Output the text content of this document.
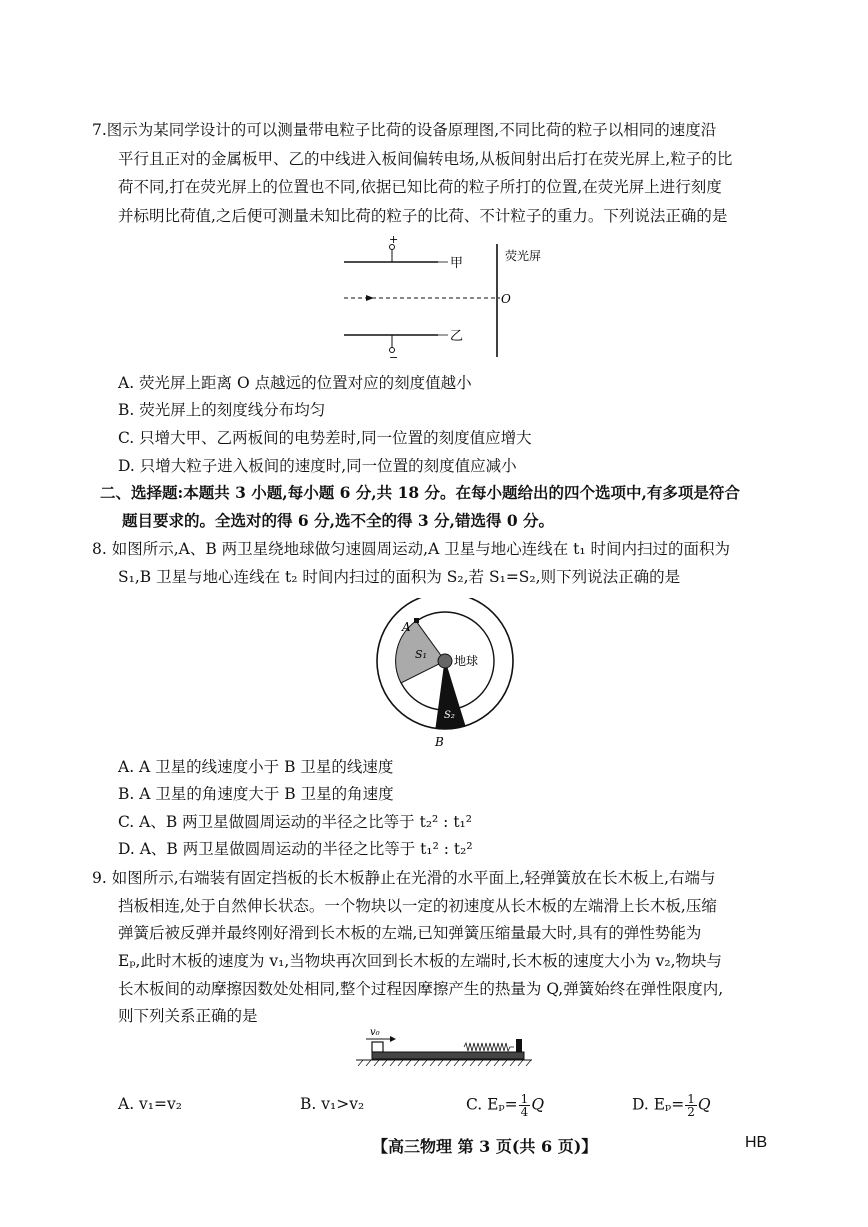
7.图示为某同学设计的可以测量带电粒子比荷的设备原理图,不同比荷的粒子以相同的速度沿
平行且正对的金属板甲、乙的中线进入板间偏转电场,从板间射出后打在荧光屏上,粒子的比
荷不同,打在荧光屏上的位置也不同,依据已知比荷的粒子所打的位置,在荧光屏上进行刻度
并标明比荷值,之后便可测量未知比荷的粒子的比荷、不计粒子的重力。下列说法正确的是
+
甲
乙
−
荧光屏
O
A. 荧光屏上距离 O 点越远的位置对应的刻度值越小
B. 荧光屏上的刻度线分布均匀
C. 只增大甲、乙两板间的电势差时,同一位置的刻度值应增大
D. 只增大粒子进入板间的速度时,同一位置的刻度值应减小
二、选择题:本题共 3 小题,每小题 6 分,共 18 分。在每小题给出的四个选项中,有多项是符合
题目要求的。全选对的得 6 分,选不全的得 3 分,错选得 0 分。
8. 如图所示,A、B 两卫星绕地球做匀速圆周运动,A 卫星与地心连线在 t₁ 时间内扫过的面积为
S₁,B 卫星与地心连线在 t₂ 时间内扫过的面积为 S₂,若 S₁=S₂,则下列说法正确的是
A
S₁ 地球
S₂
B
A. A 卫星的线速度小于 B 卫星的线速度
B. A 卫星的角速度大于 B 卫星的角速度
C. A、B 两卫星做圆周运动的半径之比等于 t₂² : t₁²
D. A、B 两卫星做圆周运动的半径之比等于 t₁² : t₂²
9. 如图所示,右端装有固定挡板的长木板静止在光滑的水平面上,轻弹簧放在长木板上,右端与
挡板相连,处于自然伸长状态。一个物块以一定的初速度从长木板的左端滑上长木板,压缩
弹簧后被反弹并最终刚好滑到长木板的左端,已知弹簧压缩量最大时,具有的弹性势能为
Eₚ,此时木板的速度为 v₁,当物块再次回到长木板的左端时,长木板的速度大小为 v₂,物块与
长木板间的动摩擦因数处处相同,整个过程因摩擦产生的热量为 Q,弹簧始终在弹性限度内,
则下列关系正确的是
v₀
A. v₁=v₂	B. v₁>v₂	C. $E_p= \frac{1}{4}$ Q	D. $E_p= \frac{1}{2}$ Q
【高三物理 第 3 页(共 6 页)】	HB
